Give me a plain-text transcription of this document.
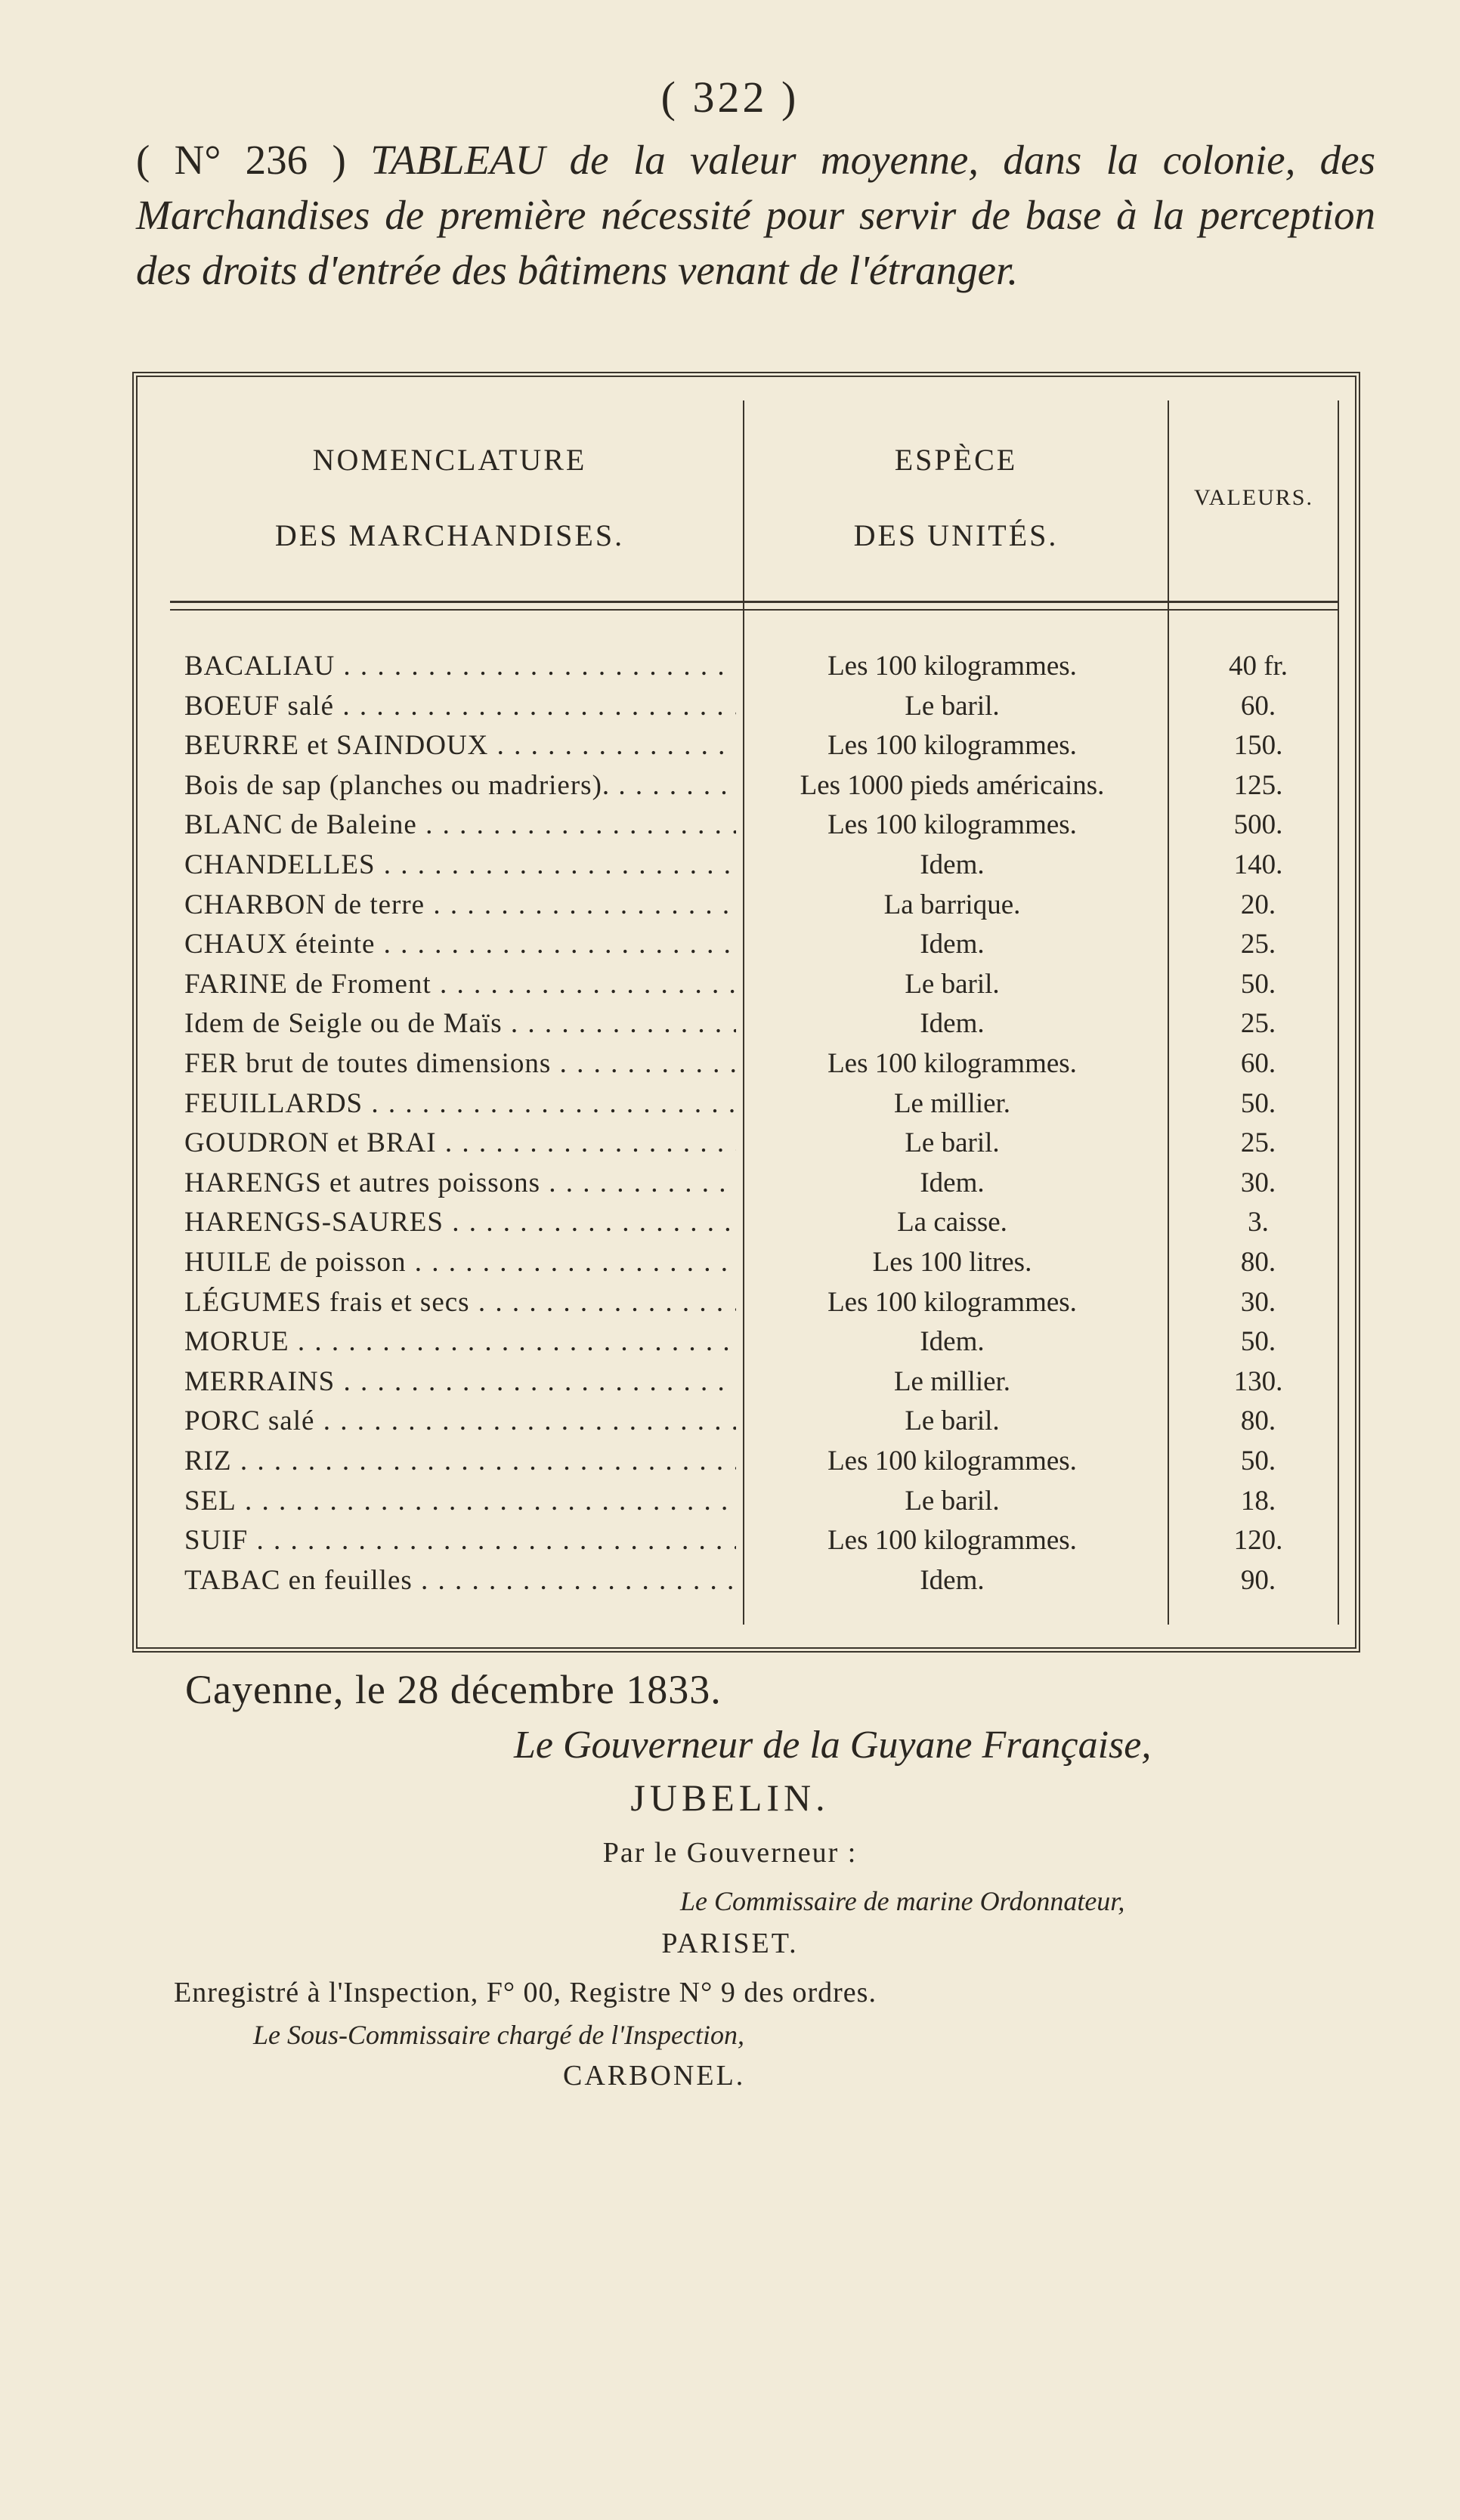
( 322 )
( N° 236 ) TABLEAU de la valeur moyenne, dans la colonie, des Marchandises de première nécessité pour servir de base à la perception des droits d'entrée des bâtimens venant de l'étranger.
NOMENCLATURE
DES MARCHANDISES.
ESPÈCE
DES UNITÉS.
VALEURS.
BACALIAU . . .	Les 100 kilogrammes.	40 fr.
BOEUF salé . . .	Le baril.	60.
BEURRE et SAINDOUX . . .	Les 100 kilogrammes.	150.
Bois de sap (planches ou madriers). . . .	Les 1000 pieds américains.	125.
BLANC de Baleine . . .	Les 100 kilogrammes.	500.
CHANDELLES . . .	Idem.	140.
CHARBON de terre . . .	La barrique.	20.
CHAUX éteinte . . .	Idem.	25.
FARINE de Froment . . .	Le baril.	50.
Idem de Seigle ou de Maïs . . .	Idem.	25.
FER brut de toutes dimensions . . .	Les 100 kilogrammes.	60.
FEUILLARDS . . .	Le millier.	50.
GOUDRON et BRAI . . .	Le baril.	25.
HARENGS et autres poissons . . .	Idem.	30.
HARENGS-SAURES . . .	La caisse.	3.
HUILE de poisson . . .	Les 100 litres.	80.
LÉGUMES frais et secs . . .	Les 100 kilogrammes.	30.
MORUE . . .	Idem.	50.
MERRAINS . . .	Le millier.	130.
PORC salé . . .	Le baril.	80.
RIZ . . .	Les 100 kilogrammes.	50.
SEL . . .	Le baril.	18.
SUIF . . .	Les 100 kilogrammes.	120.
TABAC en feuilles . . .	Idem.	90.
Cayenne, le 28 décembre 1833.
Le Gouverneur de la Guyane Française,
JUBELIN.
Par le Gouverneur :
Le Commissaire de marine Ordonnateur,
PARISET.
Enregistré à l'Inspection, F° 00, Registre N° 9 des ordres.
Le Sous-Commissaire chargé de l'Inspection,
CARBONEL.
